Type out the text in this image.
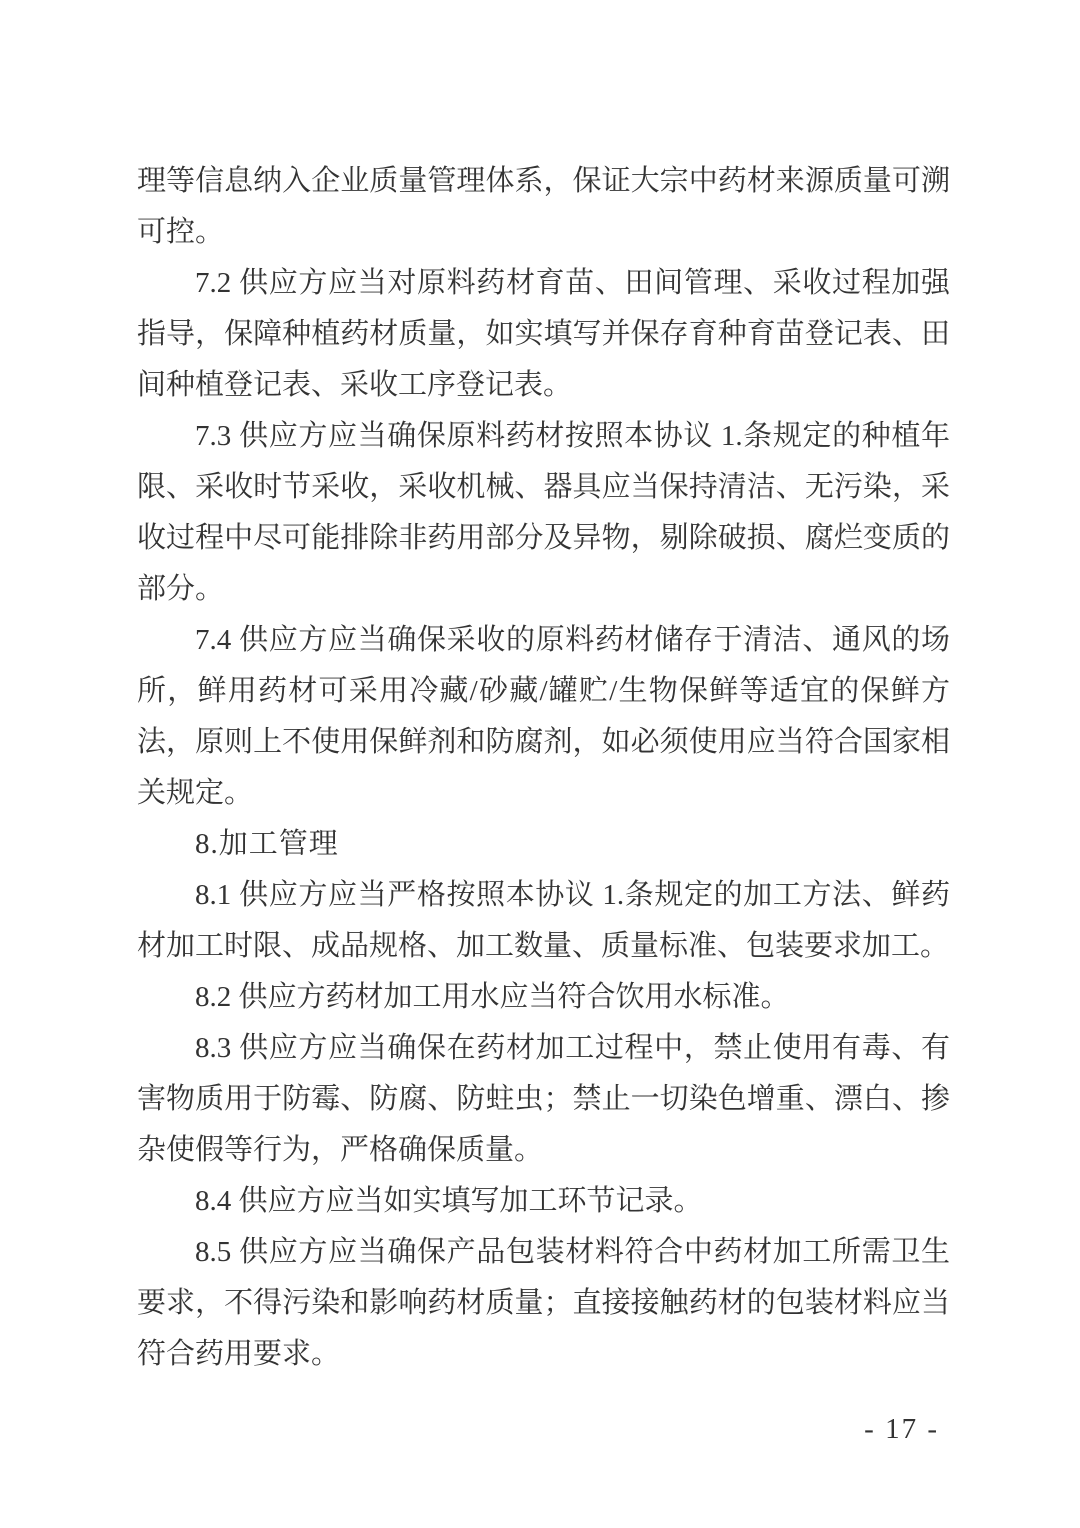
理等信息纳入企业质量管理体系，保证大宗中药材来源质量可溯
可控。
7.2 供应方应当对原料药材育苗、田间管理、采收过程加强
指导，保障种植药材质量，如实填写并保存育种育苗登记表、田
间种植登记表、采收工序登记表。
7.3 供应方应当确保原料药材按照本协议 1.条规定的种植年
限、采收时节采收，采收机械、器具应当保持清洁、无污染，采
收过程中尽可能排除非药用部分及异物，剔除破损、腐烂变质的
部分。
7.4 供应方应当确保采收的原料药材储存于清洁、通风的场
所，鲜用药材可采用冷藏/砂藏/罐贮/生物保鲜等适宜的保鲜方
法，原则上不使用保鲜剂和防腐剂，如必须使用应当符合国家相
关规定。
8.加工管理
8.1 供应方应当严格按照本协议 1.条规定的加工方法、鲜药
材加工时限、成品规格、加工数量、质量标准、包装要求加工。
8.2 供应方药材加工用水应当符合饮用水标准。
8.3 供应方应当确保在药材加工过程中，禁止使用有毒、有
害物质用于防霉、防腐、防蛀虫；禁止一切染色增重、漂白、掺
杂使假等行为，严格确保质量。
8.4 供应方应当如实填写加工环节记录。
8.5 供应方应当确保产品包装材料符合中药材加工所需卫生
要求，不得污染和影响药材质量；直接接触药材的包装材料应当
符合药用要求。
- 17 -
